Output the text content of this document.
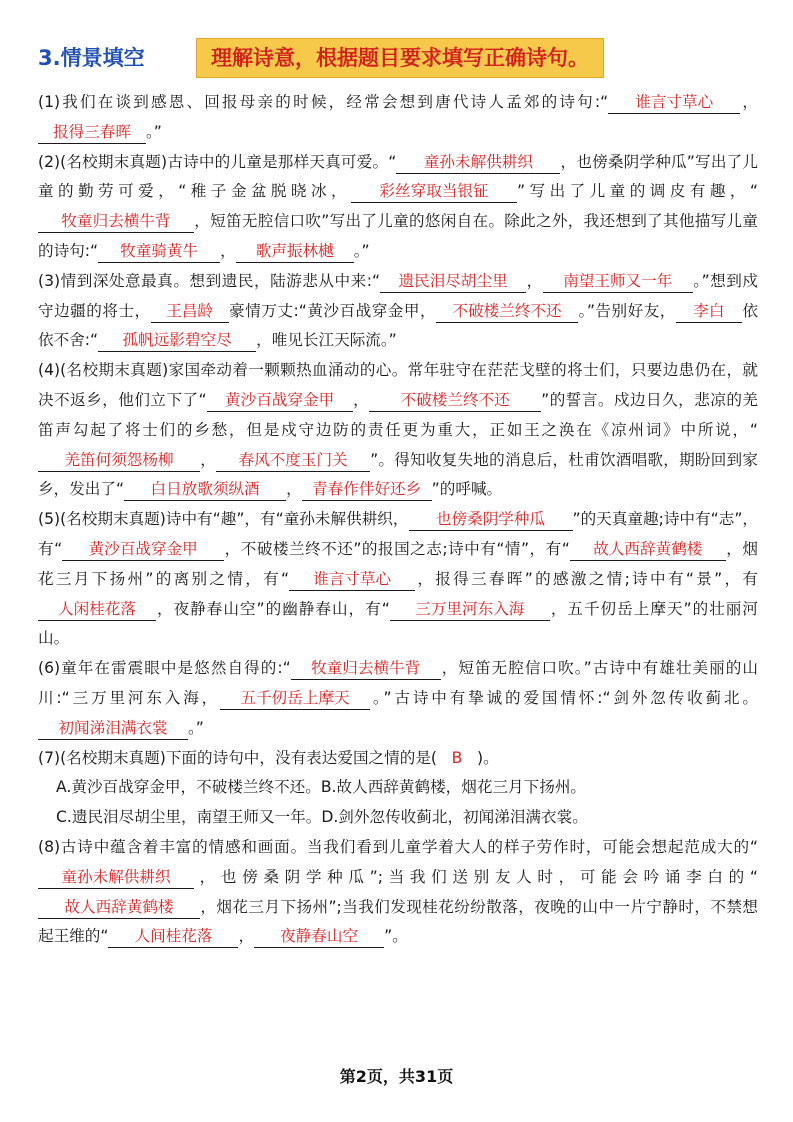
3.情景填空	理解诗意，根据题目要求填写正确诗句。

(1)我们在谈到感恩、回报母亲的时候，经常会想到唐代诗人孟郊的诗句:“ 谁言寸草心 ，报得三春晖 。”

(2)(名校期末真题)古诗中的儿童是那样天真可爱。“ 童孙未解供耕织 ，也傍桑阴学种瓜”写出了儿童的勤劳可爱，“稚子金盆脱晓冰， 彩丝穿取当银钲 ”写出了儿童的调皮有趣，“牧童归去横牛背 ，短笛无腔信口吹”写出了儿童的悠闲自在。除此之外，我还想到了其他描写儿童的诗句:“ 牧童骑黄牛 ， 歌声振林樾 。”

(3)情到深处意最真。想到遗民，陆游悲从中来:“ 遗民泪尽胡尘里 ， 南望王师又一年 。”想到戍守边疆的将士， 王昌龄 豪情万丈:“黄沙百战穿金甲， 不破楼兰终不还 。”告别好友， 李白 依依不舍:“ 孤帆远影碧空尽 ，唯见长江天际流。”

(4)(名校期末真题)家国牵动着一颗颗热血涌动的心。常年驻守在茫茫戈壁的将士们，只要边患仍在，就决不返乡，他们立下了“ 黄沙百战穿金甲 ， 不破楼兰终不还 ”的誓言。戍边日久，悲凉的羌笛声勾起了将士们的乡愁，但是戍守边防的责任更为重大，正如王之涣在《凉州词》中所说，“羌笛何须怨杨柳 ， 春风不度玉门关 ”。得知收复失地的消息后，杜甫饮酒唱歌，期盼回到家乡，发出了“ 白日放歌须纵酒 ， 青春作伴好还乡 ”的呼喊。

(5)(名校期末真题)诗中有“趣”，有“童孙未解供耕织， 也傍桑阴学种瓜 ”的天真童趣;诗中有“志”，有“ 黄沙百战穿金甲 ，不破楼兰终不还”的报国之志;诗中有“情”，有“ 故人西辞黄鹤楼 ，烟花三月下扬州”的离别之情，有“ 谁言寸草心 ，报得三春晖”的感激之情;诗中有“景”，有人闲桂花落 ，夜静春山空”的幽静春山，有“ 三万里河东入海 ，五千仞岳上摩天”的壮丽河山。

(6)童年在雷震眼中是悠然自得的:“ 牧童归去横牛背 ，短笛无腔信口吹。”古诗中有雄壮美丽的山川:“三万里河东入海， 五千仞岳上摩天 。”古诗中有挚诚的爱国情怀:“剑外忽传收蓟北。初闻涕泪满衣裳 。”

(7)(名校期末真题)下面的诗句中，没有表达爱国之情的是( B )。

A.黄沙百战穿金甲，不破楼兰终不还。B.故人西辞黄鹤楼，烟花三月下扬州。

C.遗民泪尽胡尘里，南望王师又一年。D.剑外忽传收蓟北，初闻涕泪满衣裳。

(8)古诗中蕴含着丰富的情感和画面。当我们看到儿童学着大人的样子劳作时，可能会想起范成大的“童孙未解供耕织 ，也傍桑阴学种瓜”;当我们送别友人时，可能会吟诵李白的“故人西辞黄鹤楼 ，烟花三月下扬州”;当我们发现桂花纷纷散落，夜晚的山中一片宁静时，不禁想起王维的“ 人间桂花落 ， 夜静春山空 ”。

第2页，共31页
